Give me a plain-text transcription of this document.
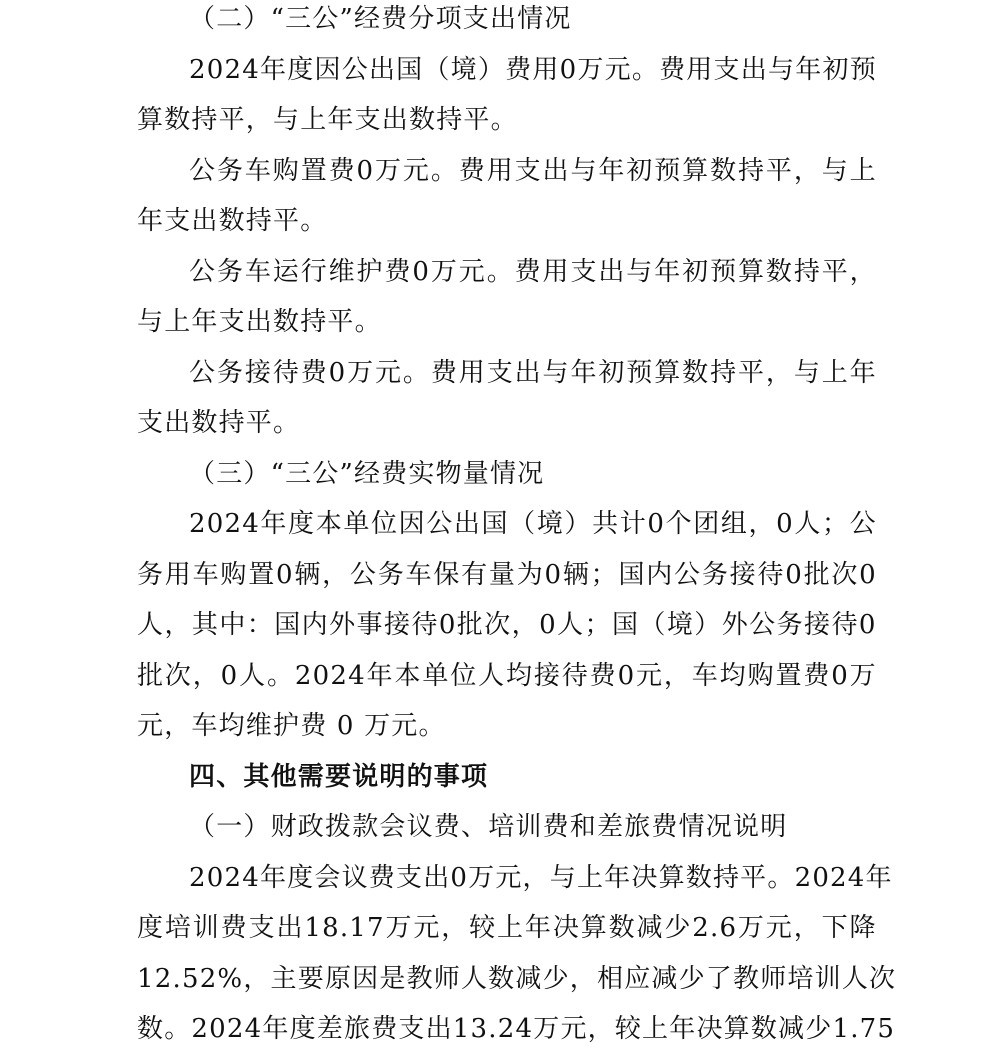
（二）“三公”经费分项支出情况
2024 年 度 因 公 出 国 （ 境 ） 费 用 0 万 元 。 费 用 支 出 与 年 初 预
算数持平，与上年支出数持平。
公 务 车 购 置 费 0 万 元 。 费 用 支 出 与 年 初 预 算 数 持 平 ， 与 上
年支出数持平。
公 务 车 运 行 维 护 费 0 万 元 。 费 用 支 出 与 年 初 预 算 数 持 平 ，
与上年支出数持平。
公 务 接 待 费 0 万 元 。 费 用 支 出 与 年 初 预 算 数 持 平 ， 与 上 年
支出数持平。
（三）“三公”经费实物量情况
2024 年 度 本 单 位 因 公 出 国 （ 境 ） 共 计 0 个 团 组 ， 0 人 ； 公
务 用 车 购 置 0 辆 ， 公 务 车 保 有 量 为 0 辆 ； 国 内 公 务 接 待 0 批 次 0
人 ， 其 中 ： 国 内 外 事 接 待 0 批 次 ， 0 人 ； 国 （ 境 ） 外 公 务 接 待 0
批 次 ， 0 人 。 2024 年 本 单 位 人 均 接 待 费 0 元 ， 车 均 购 置 费 0 万
元，车均维护费 0 万元。
四、其他需要说明的事项
（一）财政拨款会议费、培训费和差旅费情况说明
2024 年 度 会 议 费 支 出 0 万 元 ， 与 上 年 决 算 数 持 平 。 2024 年
度 培 训 费 支 出 18.17 万 元 ， 较 上 年 决 算 数 减 少 2.6 万 元 ， 下 降
12.52% ， 主 要 原 因 是 教 师 人 数 减 少 ， 相 应 减 少 了 教 师 培 训 人 次
数 。 2024 年 度 差 旅 费 支 出 13.24 万 元 ， 较 上 年 决 算 数 减 少 1.75
